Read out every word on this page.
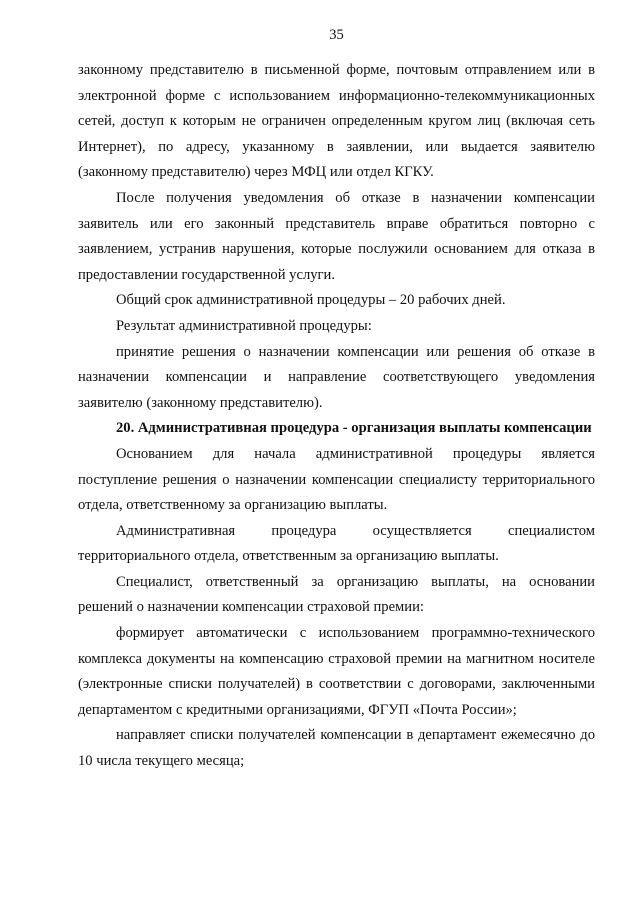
35

законному представителю в письменной форме, почтовым отправлением или в электронной форме с использованием информационно-телекоммуникационных сетей, доступ к которым не ограничен определенным кругом лиц (включая сеть Интернет), по адресу, указанному в заявлении, или выдается заявителю (законному представителю) через МФЦ или отдел КГКУ.

После получения уведомления об отказе в назначении компенсации заявитель или его законный представитель вправе обратиться повторно с заявлением, устранив нарушения, которые послужили основанием для отказа в предоставлении государственной услуги.

Общий срок административной процедуры – 20 рабочих дней.

Результат административной процедуры:

принятие решения о назначении компенсации или решения об отказе в назначении компенсации и направление соответствующего уведомления заявителю (законному представителю).

20. Административная процедура - организация выплаты компенсации

Основанием для начала административной процедуры является поступление решения о назначении компенсации специалисту территориального отдела, ответственному за организацию выплаты.

Административная процедура осуществляется специалистом территориального отдела, ответственным за организацию выплаты.

Специалист, ответственный за организацию выплаты, на основании решений о назначении компенсации страховой премии:

формирует автоматически с использованием программно-технического комплекса документы на компенсацию страховой премии на магнитном носителе (электронные списки получателей) в соответствии с договорами, заключенными департаментом с кредитными организациями, ФГУП «Почта России»;

направляет списки получателей компенсации в департамент ежемесячно до 10 числа текущего месяца;
